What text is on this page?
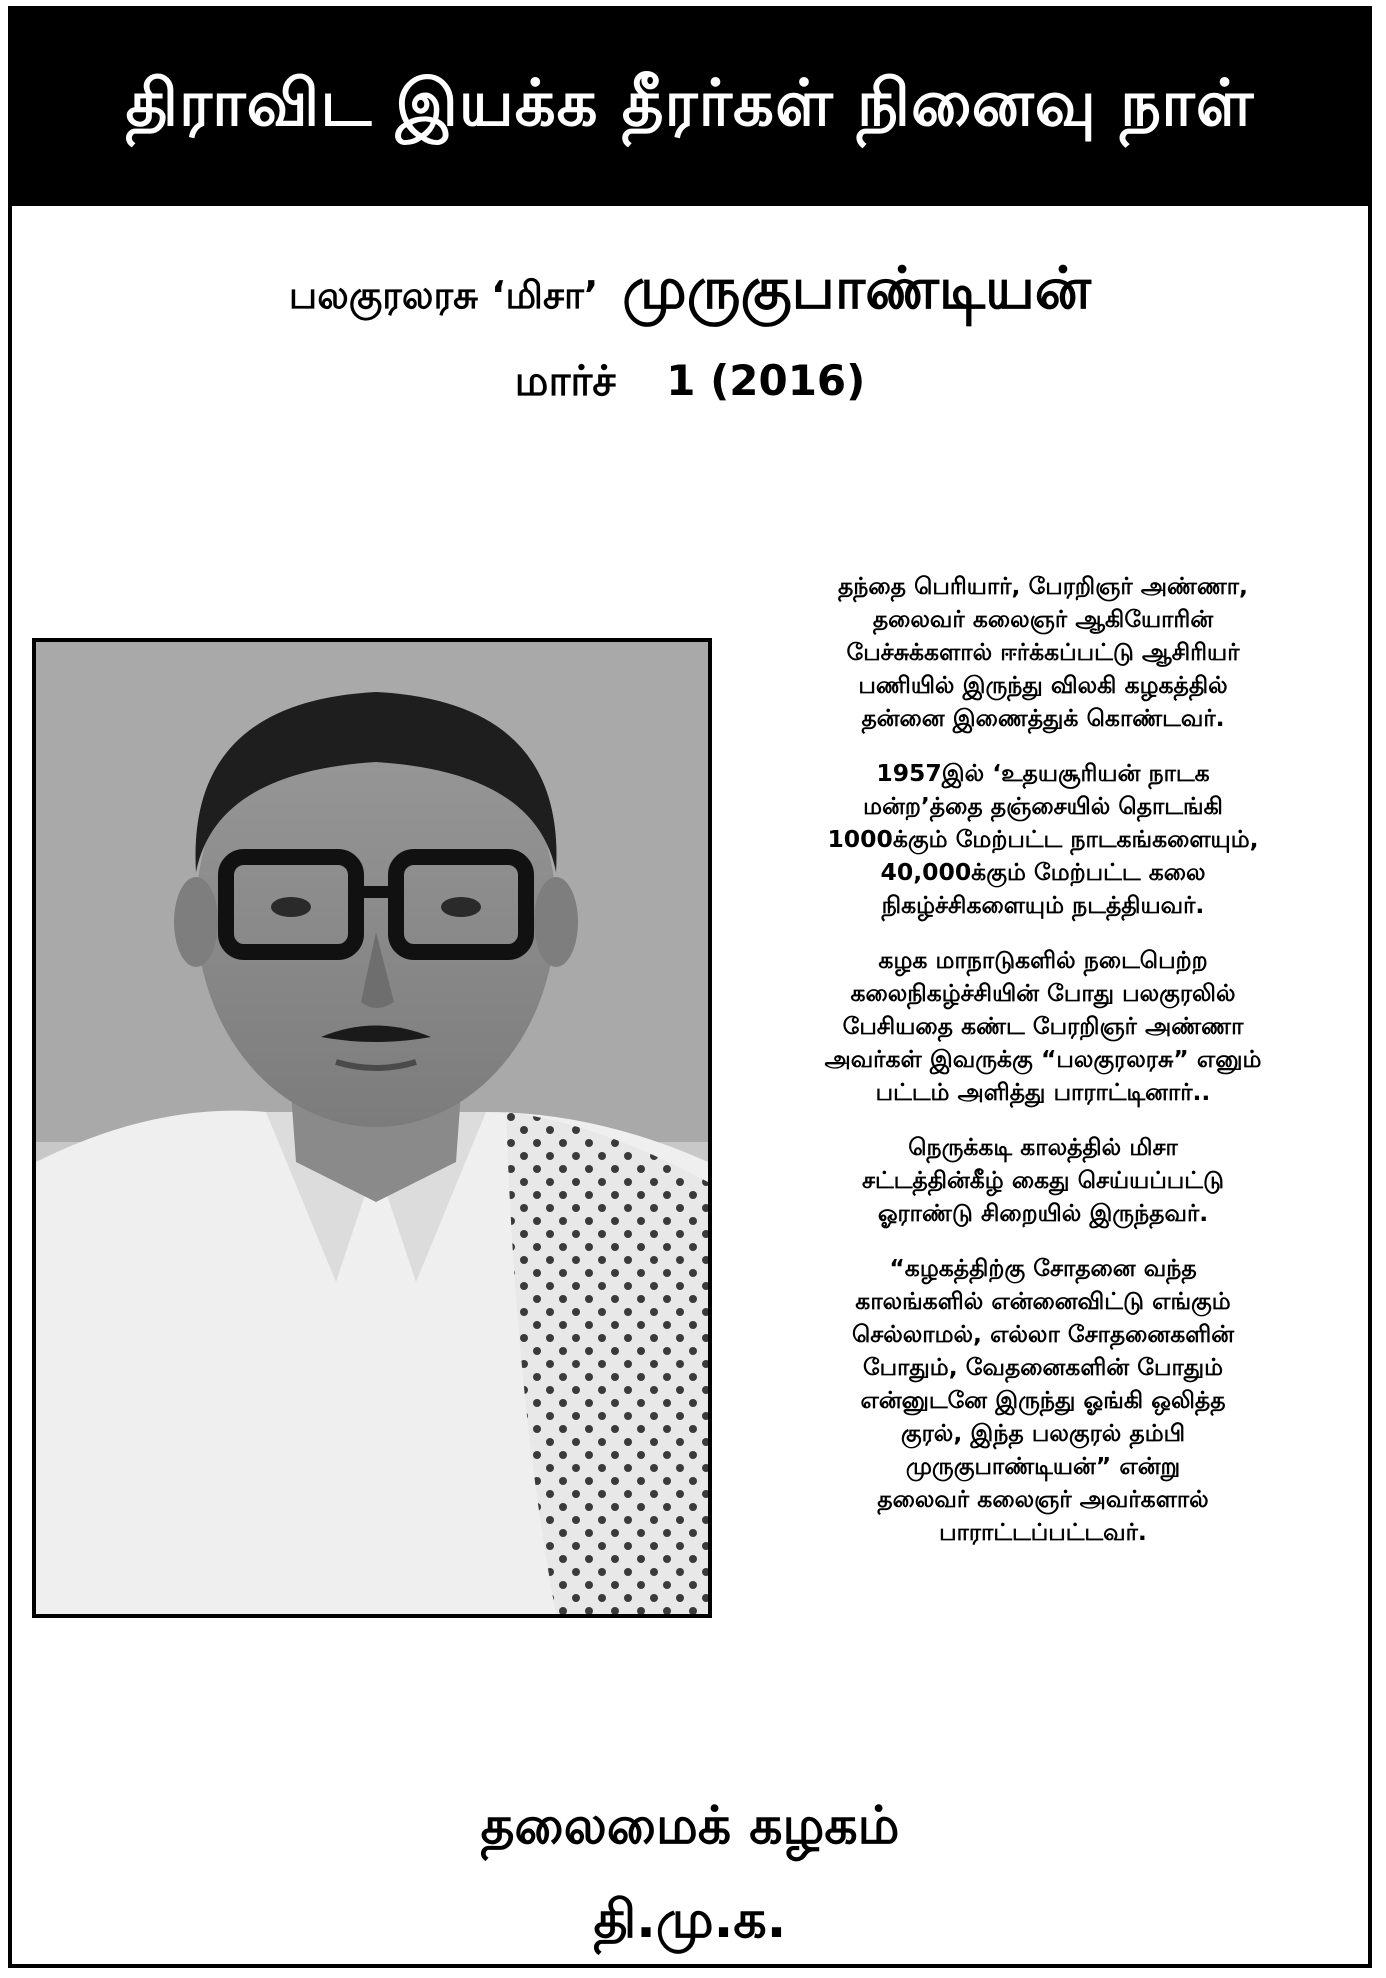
திராவிட இயக்க தீரர்கள் நினைவு நாள்
பலகுரலரசு ‘மிசா’ முருகுபாண்டியன்
மார்ச் 1 (2016)

தந்தை பெரியார், பேரறிஞர் அண்ணா,
தலைவர் கலைஞர் ஆகியோரின்
பேச்சுக்களால் ஈர்க்கப்பட்டு ஆசிரியர்
பணியில் இருந்து விலகி கழகத்தில்
தன்னை இணைத்துக் கொண்டவர்.

1957இல் ‘உதயசூரியன் நாடக
மன்ற’த்தை தஞ்சையில் தொடங்கி
1000க்கும் மேற்பட்ட நாடகங்களையும்,
40,000க்கும் மேற்பட்ட கலை
நிகழ்ச்சிகளையும் நடத்தியவர்.

கழக மாநாடுகளில் நடைபெற்ற
கலைநிகழ்ச்சியின் போது பலகுரலில்
பேசியதை கண்ட பேரறிஞர் அண்ணா
அவர்கள் இவருக்கு “பலகுரலரசு” எனும்
பட்டம் அளித்து பாராட்டினார்..

நெருக்கடி காலத்தில் மிசா
சட்டத்தின்கீழ் கைது செய்யப்பட்டு
ஓராண்டு சிறையில் இருந்தவர்.

“கழகத்திற்கு சோதனை வந்த
காலங்களில் என்னைவிட்டு எங்கும்
செல்லாமல், எல்லா சோதனைகளின்
போதும், வேதனைகளின் போதும்
என்னுடனே இருந்து ஓங்கி ஒலித்த
குரல், இந்த பலகுரல் தம்பி
முருகுபாண்டியன்” என்று
தலைவர் கலைஞர் அவர்களால்
பாராட்டப்பட்டவர்.

தலைமைக் கழகம்
தி.மு.க.
